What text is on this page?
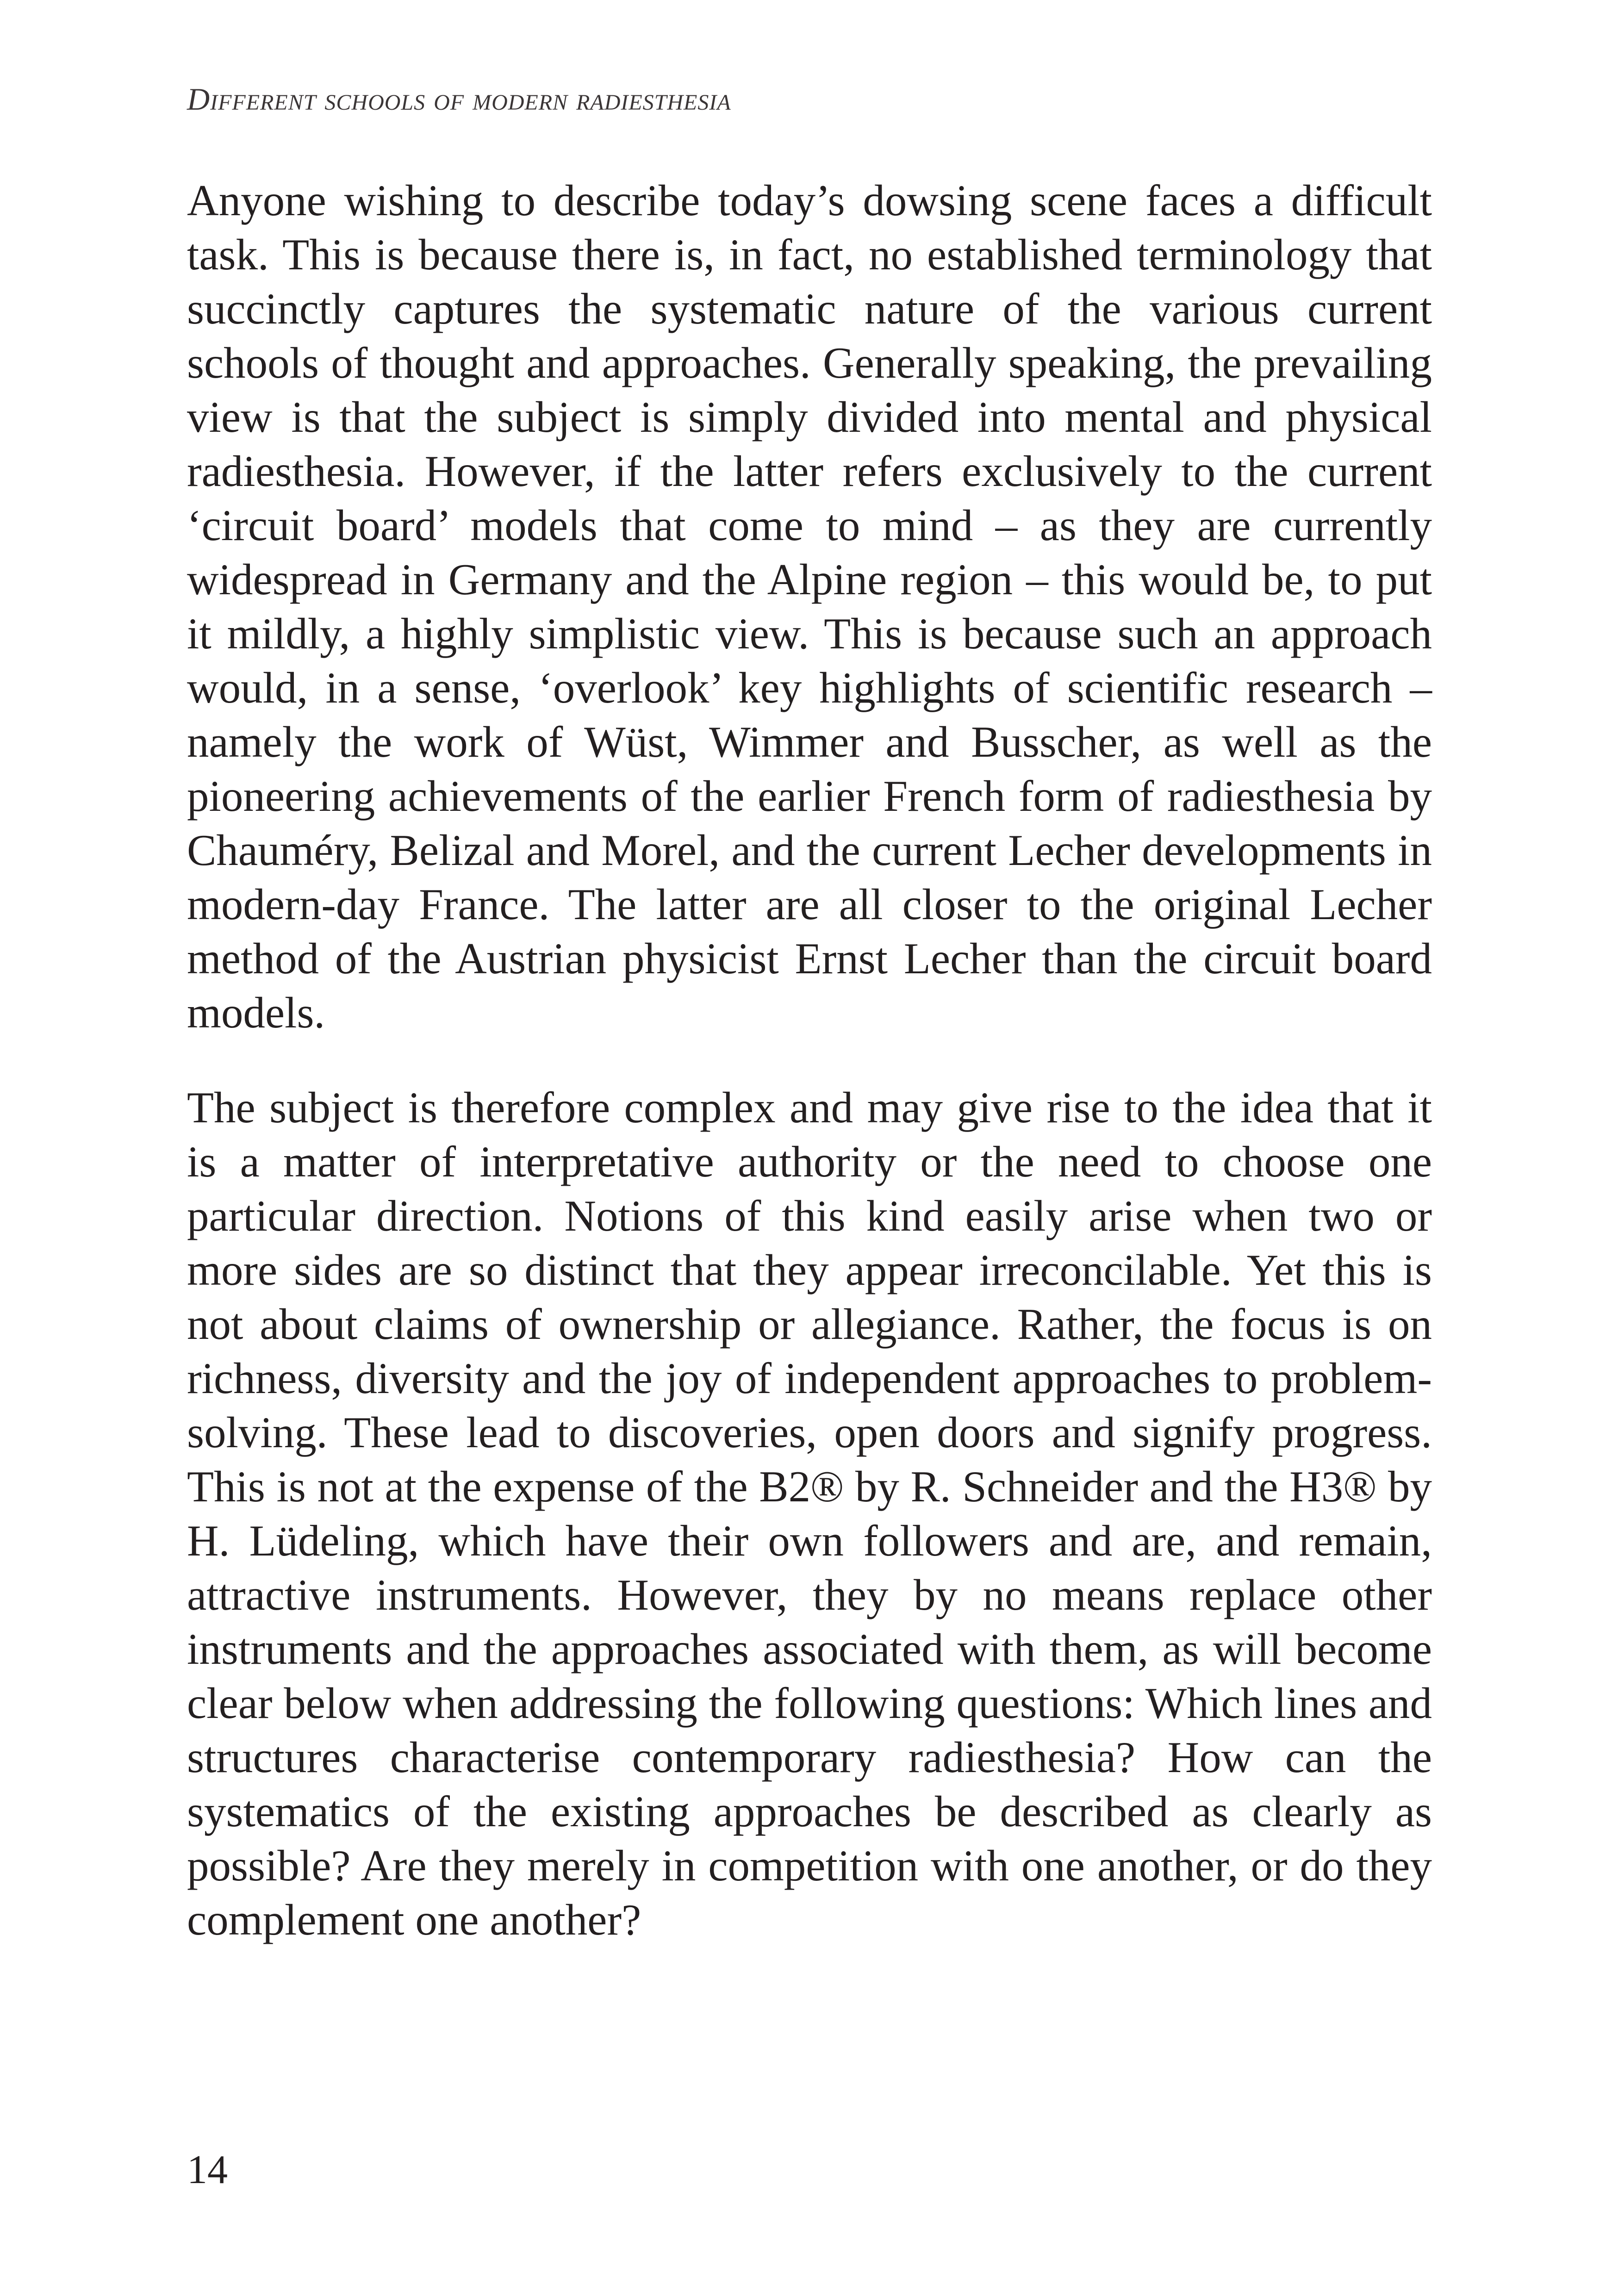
Different schools of modern radiesthesia

Anyone wishing to describe today’s dowsing scene faces a difficult task. This is because there is, in fact, no established terminology that succinctly captures the systematic nature of the various current schools of thought and approaches. Generally speaking, the prevailing view is that the subject is simply divided into mental and physical radiesthesia. However, if the latter refers exclusively to the current ‘circuit board’ models that come to mind – as they are currently widespread in Germany and the Alpine region – this would be, to put it mildly, a highly simplistic view. This is because such an approach would, in a sense, ‘overlook’ key highlights of scientific research – namely the work of Wüst, Wimmer and Busscher, as well as the pioneering achievements of the earlier French form of radiesthesia by Chauméry, Belizal and Morel, and the current Lecher developments in modern-day France. The latter are all closer to the original Lecher method of the Austrian physicist Ernst Lecher than the circuit board models.

The subject is therefore complex and may give rise to the idea that it is a matter of interpretative authority or the need to choose one particular direction. Notions of this kind easily arise when two or more sides are so distinct that they appear irreconcilable. Yet this is not about claims of ownership or allegiance. Rather, the focus is on richness, diversity and the joy of independent approaches to problem-solving. These lead to discoveries, open doors and signify progress. This is not at the expense of the B2® by R. Schneider and the H3® by H. Lüdeling, which have their own followers and are, and remain, attractive instruments. However, they by no means replace other instruments and the approaches associated with them, as will become clear below when addressing the following questions: Which lines and structures characterise contemporary radiesthesia? How can the systematics of the existing approaches be described as clearly as possible? Are they merely in competition with one another, or do they complement one another?

14
